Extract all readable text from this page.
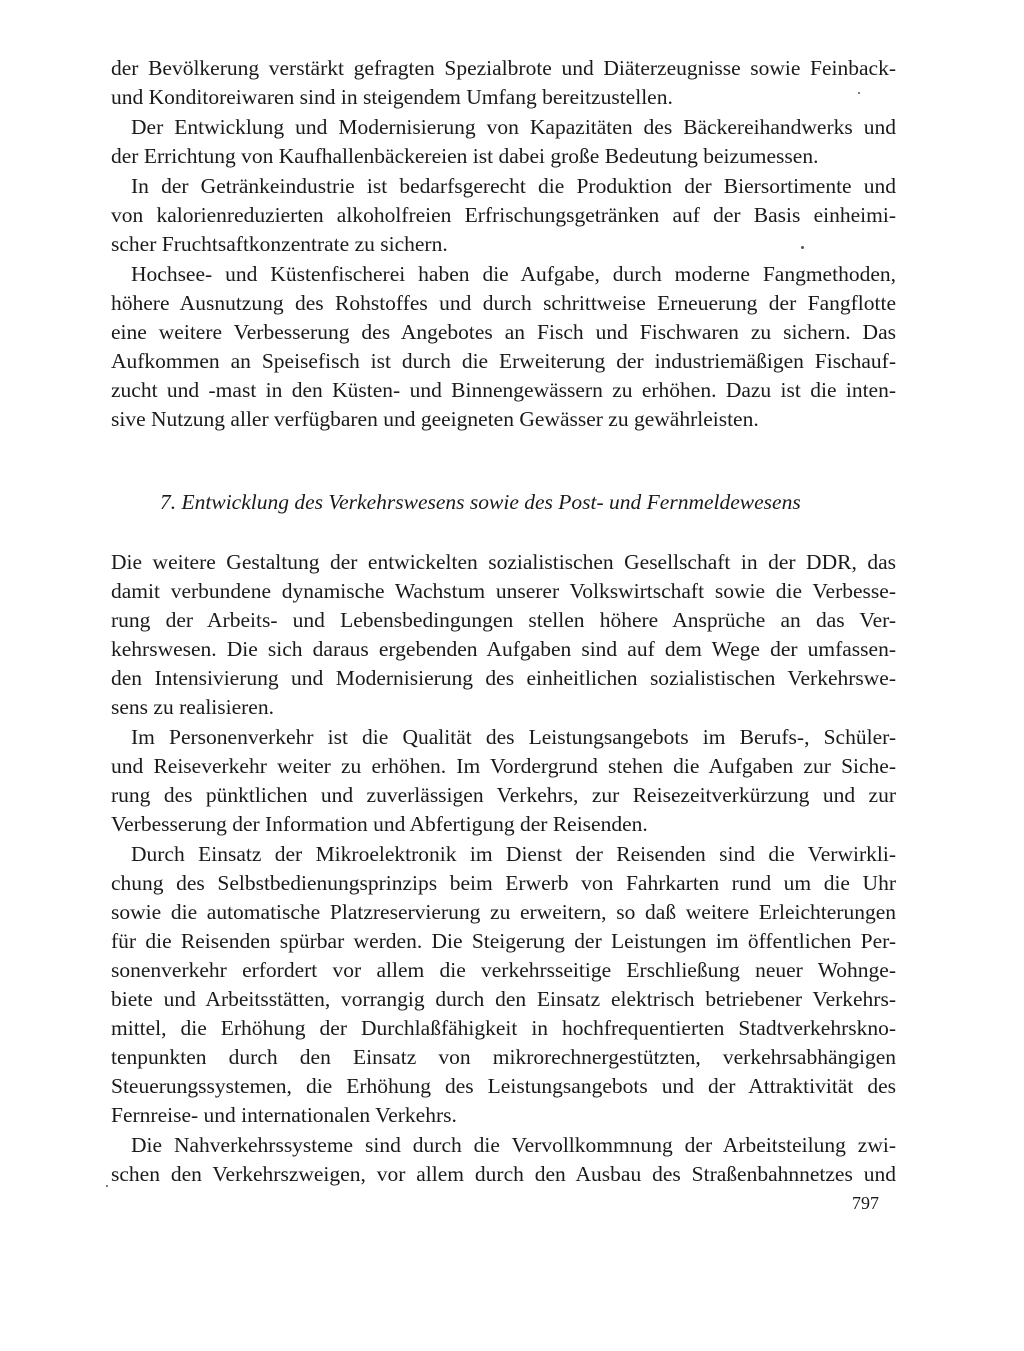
der Bevölkerung verstärkt gefragten Spezialbrote und Diäterzeugnisse sowie Feinback-
und Konditoreiwaren sind in steigendem Umfang bereitzustellen.
Der Entwicklung und Modernisierung von Kapazitäten des Bäckereihandwerks und
der Errichtung von Kaufhallenbäckereien ist dabei große Bedeutung beizumessen.
In der Getränkeindustrie ist bedarfsgerecht die Produktion der Biersortimente und
von kalorienreduzierten alkoholfreien Erfrischungsgetränken auf der Basis einheimi-
scher Fruchtsaftkonzentrate zu sichern.
Hochsee- und Küstenfischerei haben die Aufgabe, durch moderne Fangmethoden,
höhere Ausnutzung des Rohstoffes und durch schrittweise Erneuerung der Fangflotte
eine weitere Verbesserung des Angebotes an Fisch und Fischwaren zu sichern. Das
Aufkommen an Speisefisch ist durch die Erweiterung der industriemäßigen Fischauf-
zucht und -mast in den Küsten- und Binnengewässern zu erhöhen. Dazu ist die inten-
sive Nutzung aller verfügbaren und geeigneten Gewässer zu gewährleisten.
7. Entwicklung des Verkehrswesens sowie des Post- und Fernmeldewesens
Die weitere Gestaltung der entwickelten sozialistischen Gesellschaft in der DDR, das
damit verbundene dynamische Wachstum unserer Volkswirtschaft sowie die Verbesse-
rung der Arbeits- und Lebensbedingungen stellen höhere Ansprüche an das Ver-
kehrswesen. Die sich daraus ergebenden Aufgaben sind auf dem Wege der umfassen-
den Intensivierung und Modernisierung des einheitlichen sozialistischen Verkehrswe-
sens zu realisieren.
Im Personenverkehr ist die Qualität des Leistungsangebots im Berufs-, Schüler-
und Reiseverkehr weiter zu erhöhen. Im Vordergrund stehen die Aufgaben zur Siche-
rung des pünktlichen und zuverlässigen Verkehrs, zur Reisezeitverkürzung und zur
Verbesserung der Information und Abfertigung der Reisenden.
Durch Einsatz der Mikroelektronik im Dienst der Reisenden sind die Verwirkli-
chung des Selbstbedienungsprinzips beim Erwerb von Fahrkarten rund um die Uhr
sowie die automatische Platzreservierung zu erweitern, so daß weitere Erleichterungen
für die Reisenden spürbar werden. Die Steigerung der Leistungen im öffentlichen Per-
sonenverkehr erfordert vor allem die verkehrsseitige Erschließung neuer Wohnge-
biete und Arbeitsstätten, vorrangig durch den Einsatz elektrisch betriebener Verkehrs-
mittel, die Erhöhung der Durchlaßfähigkeit in hochfrequentierten Stadtverkehrskno-
tenpunkten durch den Einsatz von mikrorechnergestützten, verkehrsabhängigen
Steuerungssystemen, die Erhöhung des Leistungsangebots und der Attraktivität des
Fernreise- und internationalen Verkehrs.
Die Nahverkehrssysteme sind durch die Vervollkommnung der Arbeitsteilung zwi-
schen den Verkehrszweigen, vor allem durch den Ausbau des Straßenbahnnetzes und
797
